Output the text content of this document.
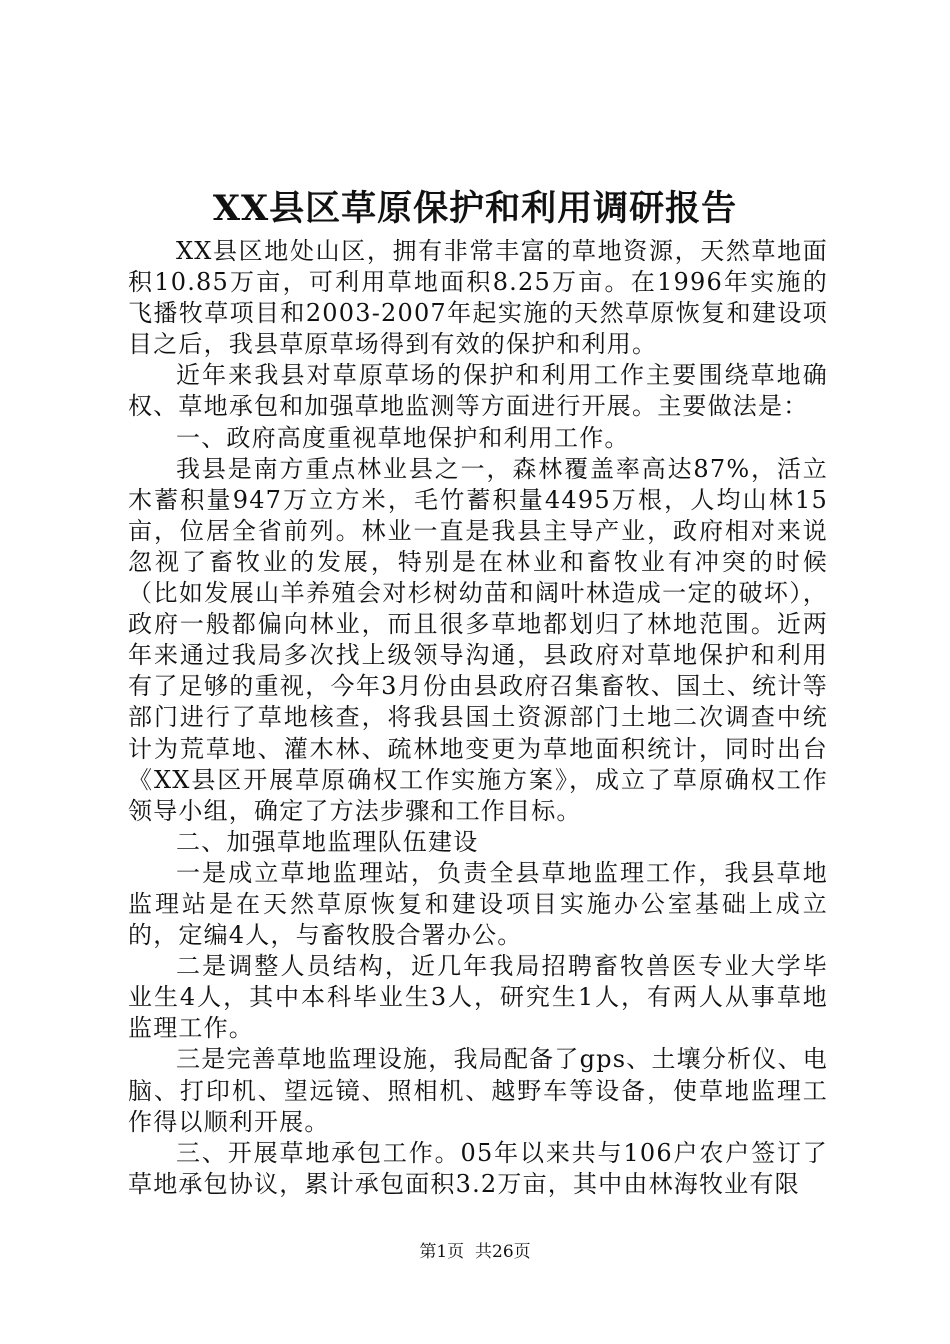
XX县区草原保护和利用调研报告

XX县区地处山区，拥有非常丰富的草地资源，天然草地面积10.85万亩，可利用草地面积8.25万亩。在1996年实施的飞播牧草项目和2003-2007年起实施的天然草原恢复和建设项目之后，我县草原草场得到有效的保护和利用。

近年来我县对草原草场的保护和利用工作主要围绕草地确权、草地承包和加强草地监测等方面进行开展。主要做法是：

一、政府高度重视草地保护和利用工作。

我县是南方重点林业县之一，森林覆盖率高达87%，活立木蓄积量947万立方米，毛竹蓄积量4495万根，人均山林15亩，位居全省前列。林业一直是我县主导产业，政府相对来说忽视了畜牧业的发展，特别是在林业和畜牧业有冲突的时候（比如发展山羊养殖会对杉树幼苗和阔叶林造成一定的破坏），政府一般都偏向林业，而且很多草地都划归了林地范围。近两年来通过我局多次找上级领导沟通，县政府对草地保护和利用有了足够的重视，今年3月份由县政府召集畜牧、国土、统计等部门进行了草地核查，将我县国土资源部门土地二次调查中统计为荒草地、灌木林、疏林地变更为草地面积统计，同时出台《XX县区开展草原确权工作实施方案》，成立了草原确权工作领导小组，确定了方法步骤和工作目标。

二、加强草地监理队伍建设

一是成立草地监理站，负责全县草地监理工作，我县草地监理站是在天然草原恢复和建设项目实施办公室基础上成立的，定编4人，与畜牧股合署办公。

二是调整人员结构，近几年我局招聘畜牧兽医专业大学毕业生4人，其中本科毕业生3人，研究生1人，有两人从事草地监理工作。

三是完善草地监理设施，我局配备了gps、土壤分析仪、电脑、打印机、望远镜、照相机、越野车等设备，使草地监理工作得以顺利开展。

三、开展草地承包工作。05年以来共与106户农户签订了草地承包协议，累计承包面积3.2万亩，其中由林海牧业有限

第1页 共26页
